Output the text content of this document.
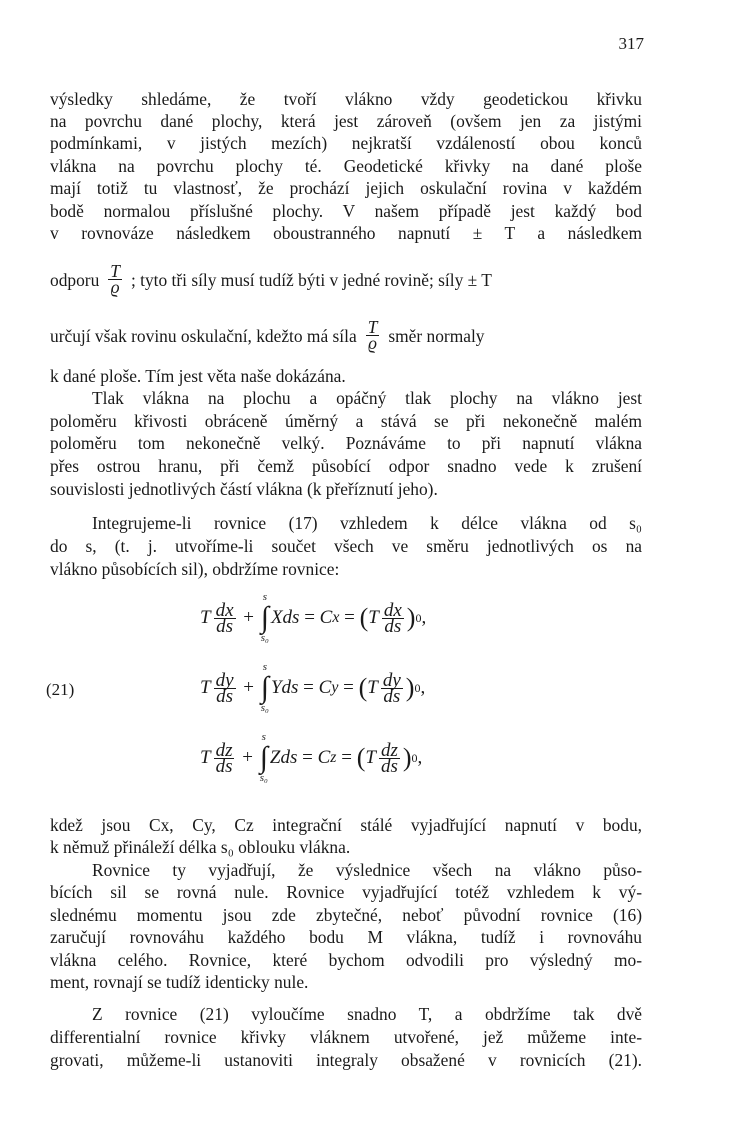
317
výsledky shledáme, že tvoří vlákno vždy geodetickou křivku
na povrchu dané plochy, která jest zároveň (ovšem jen za jistými
podmínkami, v jistých mezích) nejkratší vzdáleností obou konců
vlákna na povrchu plochy té. Geodetické křivky na dané ploše
mají totiž tu vlastnosť, že prochází jejich oskulační rovina v každém
bodě normalou příslušné plochy. V našem případě jest každý bod
v rovnováze následkem oboustranného napnutí ± T a následkem
odporu $\frac{T}{ϱ}$ ; tyto tři síly musí tudíž býti v jedné rovině; síly ± T
určují však rovinu oskulační, kdežto má síla $\frac{T}{ϱ}$ směr normaly
k dané ploše. Tím jest věta naše dokázána.
Tlak vlákna na plochu a opáčný tlak plochy na vlákno jest
poloměru křivosti obráceně úměrný a stává se při nekonečně malém
poloměru tom nekonečně velký. Poznáváme to při napnutí vlákna
přes ostrou hranu, při čemž působící odpor snadno vede k zrušení
souvislosti jednotlivých částí vlákna (k přeříznutí jeho).
Integrujeme-li rovnice (17) vzhledem k délce vlákna od s₀
do s, (t. j. utvoříme-li součet všech ve směru jednotlivých os na
vlákno působících sil), obdržíme rovnice:
(21)
T $\frac{dx}{ds}$ +
s
∫
s₀
Xds = C x = ( T $\frac{dx}{ds}$ ) 0 ,
T $\frac{dy}{ds}$ +
s
∫
s₀
Yds = C y = ( T $\frac{dy}{ds}$ ) 0 ,
T $\frac{dz}{ds}$ +
s
∫
s₀
Zds = C z = ( T $\frac{dz}{ds}$ ) 0 ,
kdež jsou Cx, Cy, Cz integrační stálé vyjadřující napnutí v bodu,
k němuž přináleží délka s₀ oblouku vlákna.
Rovnice ty vyjadřují, že výslednice všech na vlákno půso-
bících sil se rovná nule. Rovnice vyjadřující totéž vzhledem k vý-
slednému momentu jsou zde zbytečné, neboť původní rovnice (16)
zaručují rovnováhu každého bodu M vlákna, tudíž i rovnováhu
vlákna celého. Rovnice, které bychom odvodili pro výsledný mo-
ment, rovnají se tudíž identicky nule.
Z rovnice (21) vyloučíme snadno T, a obdržíme tak dvě
differentialní rovnice křivky vláknem utvořené, jež můžeme inte-
grovati, můžeme-li ustanoviti integraly obsažené v rovnicích (21).
